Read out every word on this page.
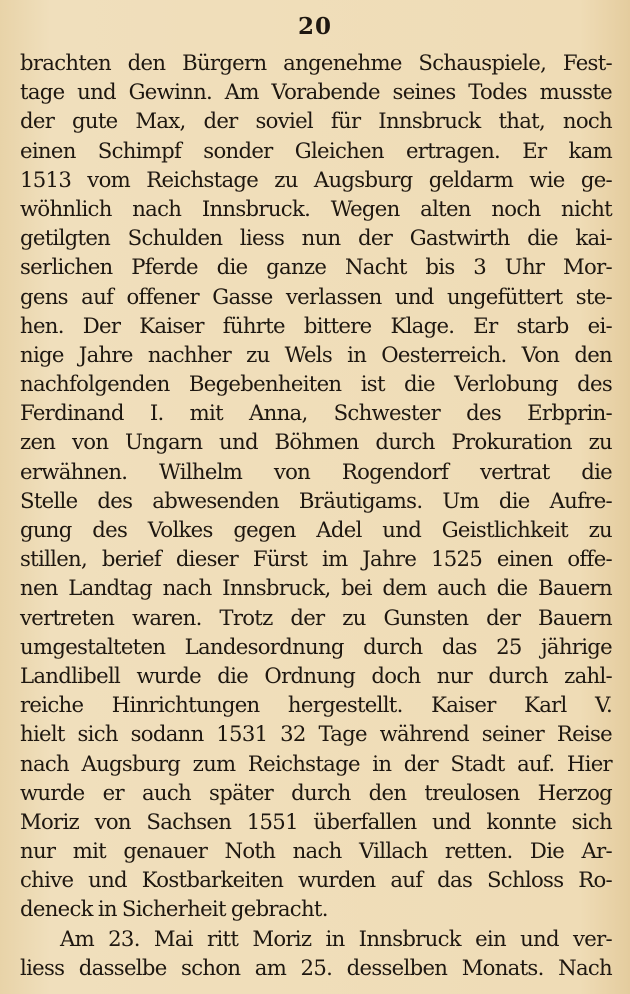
20
brachten den Bürgern angenehme Schauspiele, Fest-
tage und Gewinn. Am Vorabende seines Todes musste
der gute Max, der soviel für Innsbruck that, noch
einen Schimpf sonder Gleichen ertragen. Er kam
1513 vom Reichstage zu Augsburg geldarm wie ge-
wöhnlich nach Innsbruck. Wegen alten noch nicht
getilgten Schulden liess nun der Gastwirth die kai-
serlichen Pferde die ganze Nacht bis 3 Uhr Mor-
gens auf offener Gasse verlassen und ungefüttert ste-
hen. Der Kaiser führte bittere Klage. Er starb ei-
nige Jahre nachher zu Wels in Oesterreich. Von den
nachfolgenden Begebenheiten ist die Verlobung des
Ferdinand I. mit Anna, Schwester des Erbprin-
zen von Ungarn und Böhmen durch Prokuration zu
erwähnen. Wilhelm von Rogendorf vertrat die
Stelle des abwesenden Bräutigams. Um die Aufre-
gung des Volkes gegen Adel und Geistlichkeit zu
stillen, berief dieser Fürst im Jahre 1525 einen offe-
nen Landtag nach Innsbruck, bei dem auch die Bauern
vertreten waren. Trotz der zu Gunsten der Bauern
umgestalteten Landesordnung durch das 25 jährige
Landlibell wurde die Ordnung doch nur durch zahl-
reiche Hinrichtungen hergestellt. Kaiser Karl V.
hielt sich sodann 1531 32 Tage während seiner Reise
nach Augsburg zum Reichstage in der Stadt auf. Hier
wurde er auch später durch den treulosen Herzog
Moriz von Sachsen 1551 überfallen und konnte sich
nur mit genauer Noth nach Villach retten. Die Ar-
chive und Kostbarkeiten wurden auf das Schloss Ro-
deneck in Sicherheit gebracht.
Am 23. Mai ritt Moriz in Innsbruck ein und ver-
liess dasselbe schon am 25. desselben Monats. Nach
